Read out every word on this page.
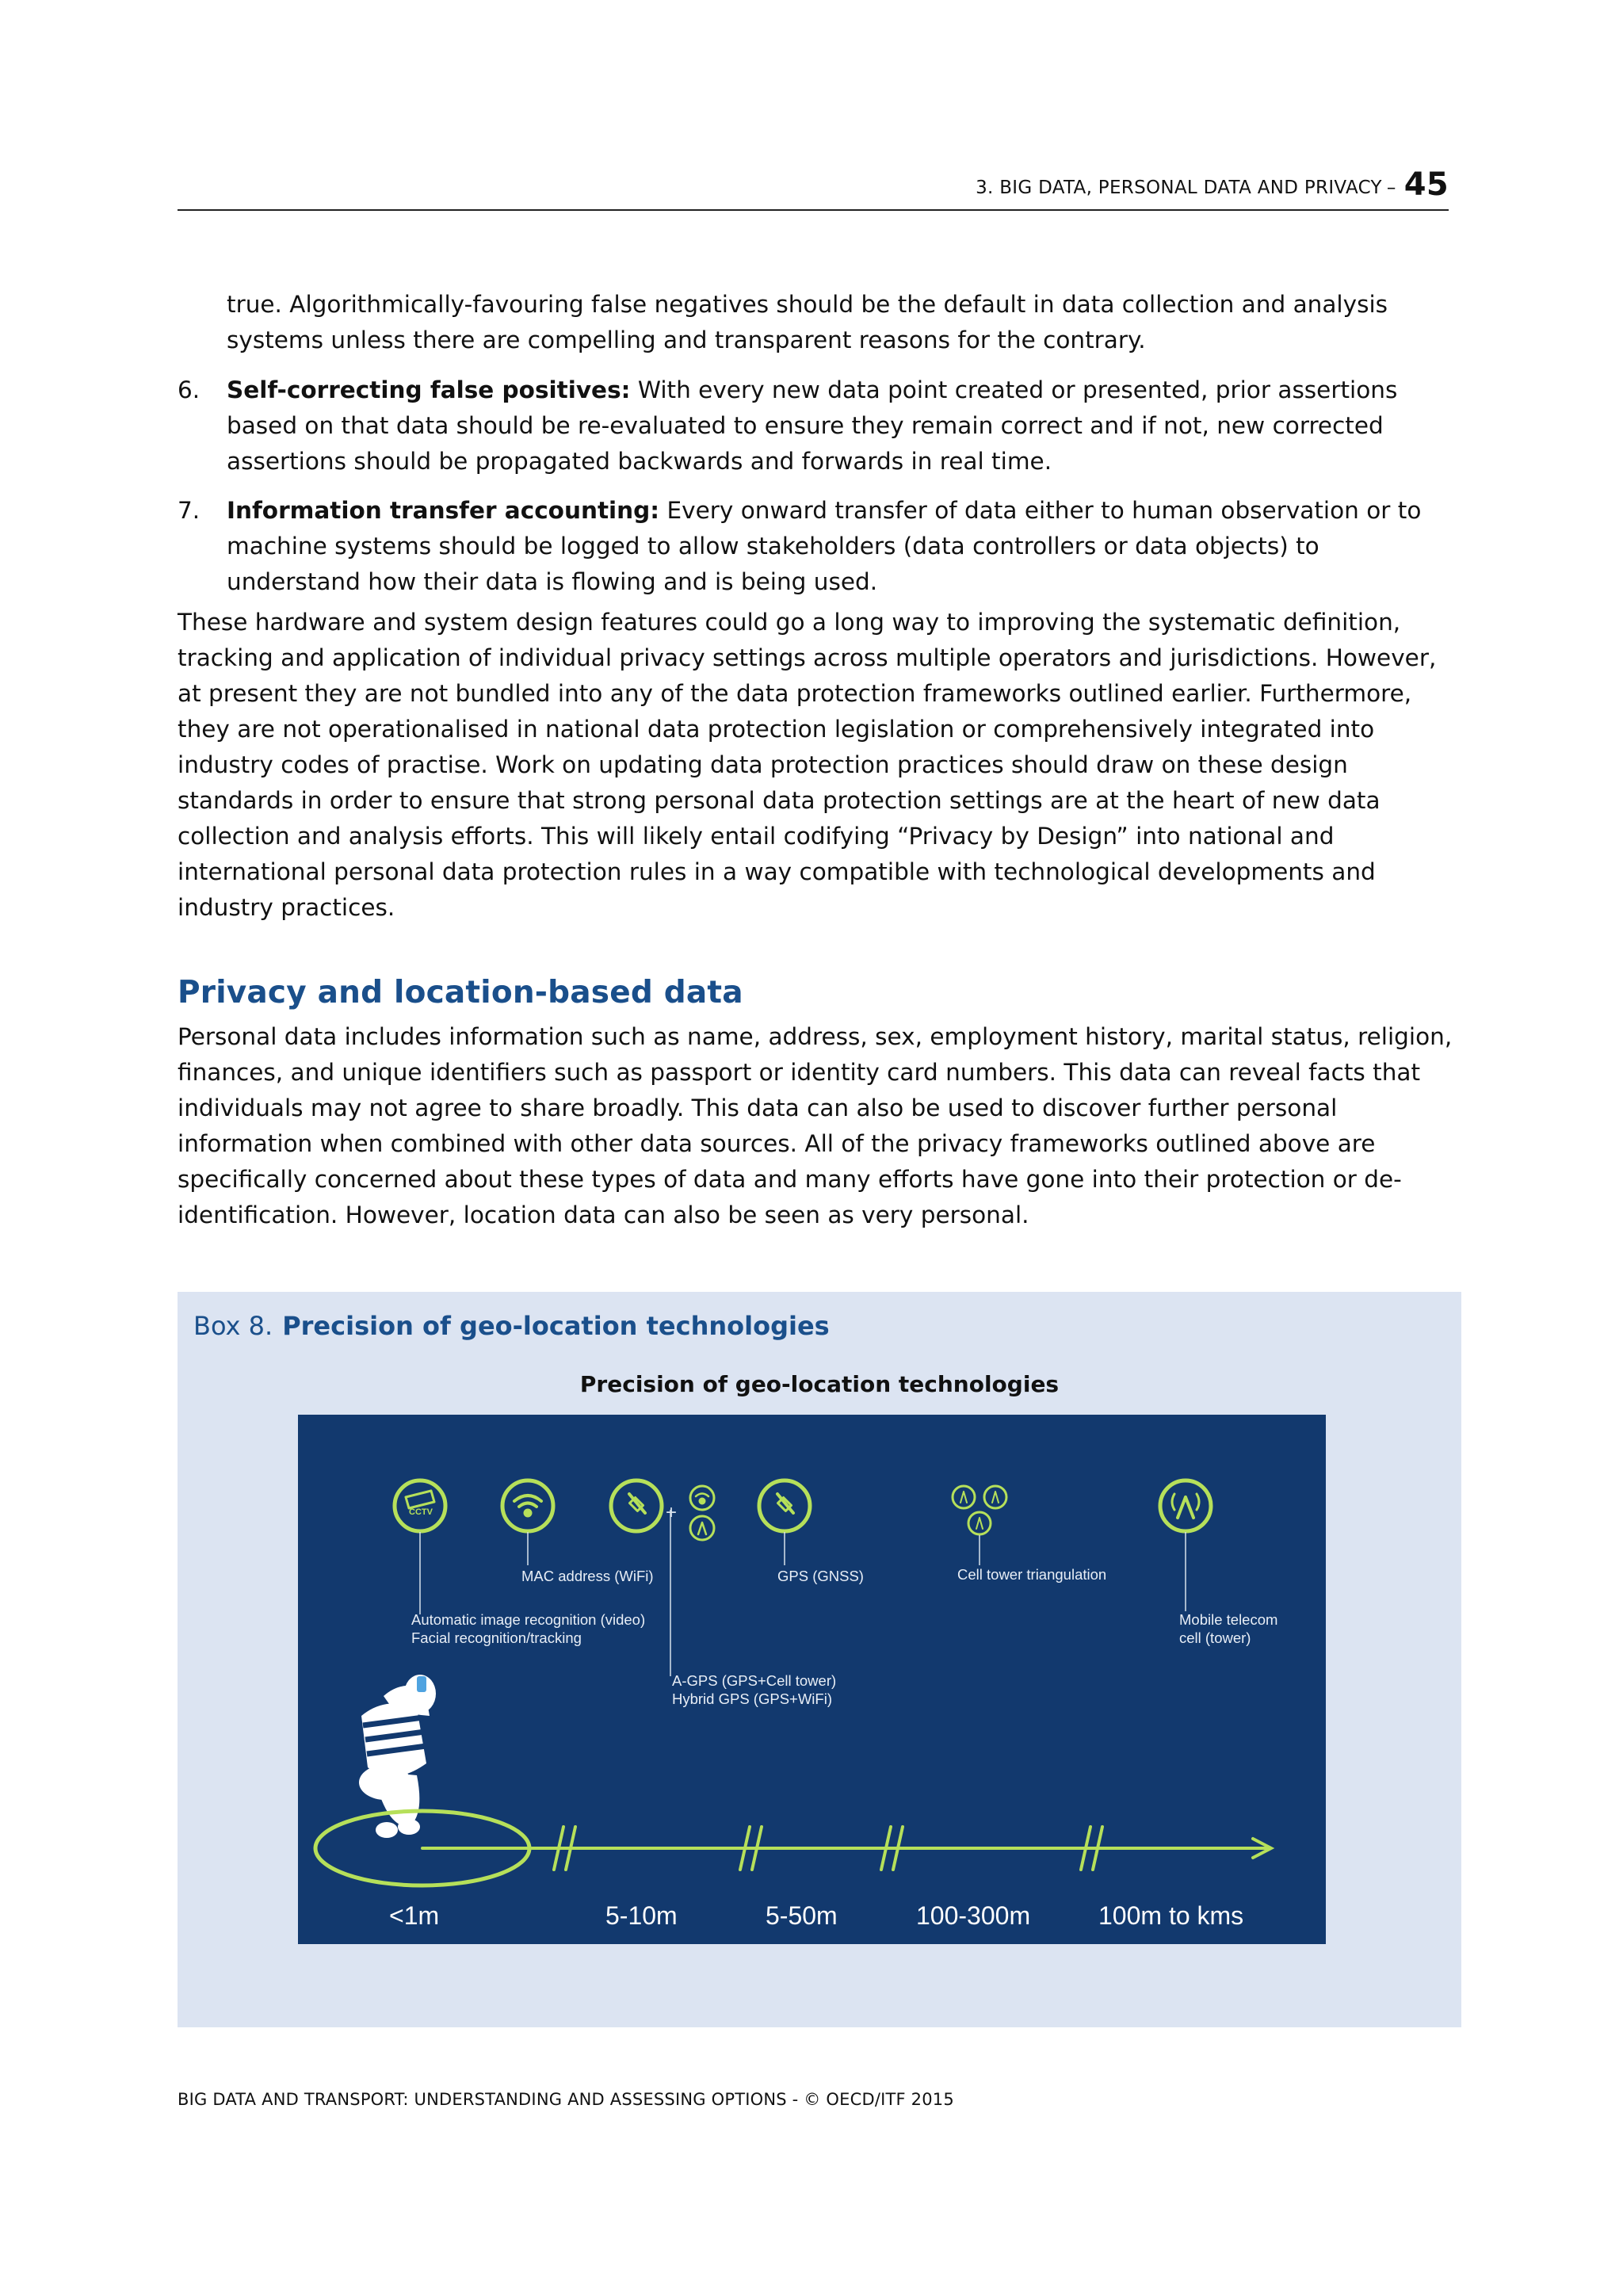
3. BIG DATA, PERSONAL DATA AND PRIVACY – 45
true. Algorithmically-favouring false negatives should be the default in data collection and analysis systems unless there are compelling and transparent reasons for the contrary.
6. Self-correcting false positives: With every new data point created or presented, prior assertions based on that data should be re-evaluated to ensure they remain correct and if not, new corrected assertions should be propagated backwards and forwards in real time.
7. Information transfer accounting: Every onward transfer of data either to human observation or to machine systems should be logged to allow stakeholders (data controllers or data objects) to understand how their data is flowing and is being used.
These hardware and system design features could go a long way to improving the systematic definition, tracking and application of individual privacy settings across multiple operators and jurisdictions. However, at present they are not bundled into any of the data protection frameworks outlined earlier. Furthermore, they are not operationalised in national data protection legislation or comprehensively integrated into industry codes of practise. Work on updating data protection practices should draw on these design standards in order to ensure that strong personal data protection settings are at the heart of new data collection and analysis efforts. This will likely entail codifying “Privacy by Design” into national and international personal data protection rules in a way compatible with technological developments and industry practices.
Privacy and location-based data
Personal data includes information such as name, address, sex, employment history, marital status, religion, finances, and unique identifiers such as passport or identity card numbers. This data can reveal facts that individuals may not agree to share broadly. This data can also be used to discover further personal information when combined with other data sources. All of the privacy frameworks outlined above are specifically concerned about these types of data and many efforts have gone into their protection or de-identification. However, location data can also be seen as very personal.
Box 8. Precision of geo-location technologies
Precision of geo-location technologies
+
CCTV
MAC address (WiFi)	GPS (GNSS)	Cell tower triangulation
Automatic image recognition (video)
Facial recognition/tracking
Mobile telecom
cell (tower)
A-GPS (GPS+Cell tower)
Hybrid GPS (GPS+WiFi)
<1m	5-10m	5-50m	100-300m	100m to kms
BIG DATA AND TRANSPORT: UNDERSTANDING AND ASSESSING OPTIONS - © OECD/ITF 2015
